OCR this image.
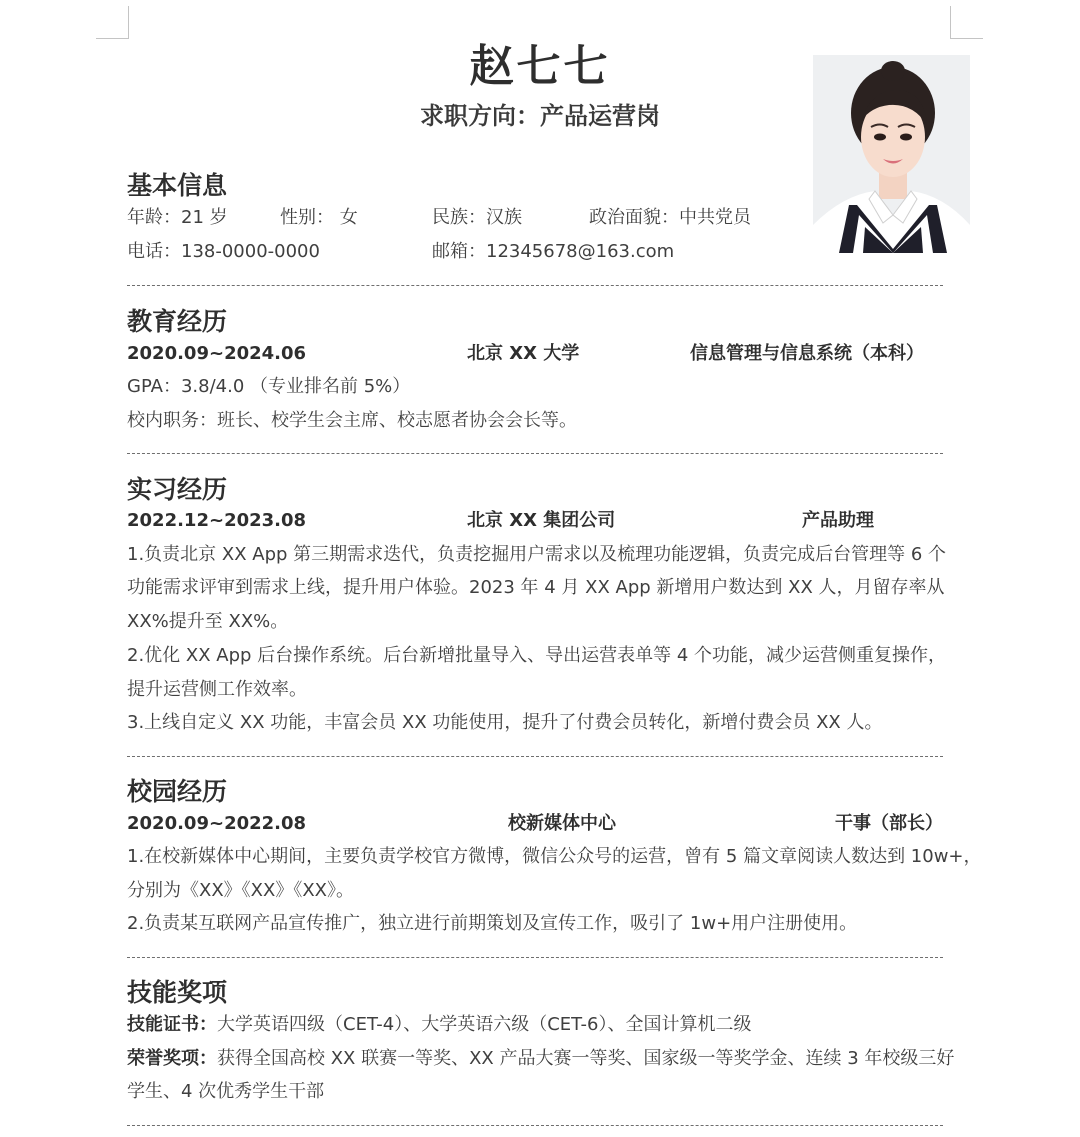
赵七七
求职方向：产品运营岗
基本信息
年龄：21 岁	性别： 女	民族：汉族	政治面貌：中共党员
电话：138-0000-0000	邮箱：12345678@163.com
教育经历
2020.09~2024.06	北京 XX 大学	信息管理与信息系统（本科）
GPA：3.8/4.0 （专业排名前 5%）
校内职务：班长、校学生会主席、校志愿者协会会长等。
实习经历
2022.12~2023.08	北京 XX 集团公司	产品助理
1.负责北京 XX App 第三期需求迭代，负责挖掘用户需求以及梳理功能逻辑，负责完成后台管理等 6 个
功能需求评审到需求上线，提升用户体验。2023 年 4 月 XX App 新增用户数达到 XX 人，月留存率从
XX%提升至 XX%。
2.优化 XX App 后台操作系统。后台新增批量导入、导出运营表单等 4 个功能，减少运营侧重复操作，
提升运营侧工作效率。
3.上线自定义 XX 功能，丰富会员 XX 功能使用，提升了付费会员转化，新增付费会员 XX 人。
校园经历
2020.09~2022.08	校新媒体中心	干事（部长）
1.在校新媒体中心期间，主要负责学校官方微博，微信公众号的运营，曾有 5 篇文章阅读人数达到 10w+，
分别为《XX》《XX》《XX》。
2.负责某互联网产品宣传推广，独立进行前期策划及宣传工作，吸引了 1w+用户注册使用。
技能奖项
技能证书：大学英语四级（CET-4）、大学英语六级（CET-6）、全国计算机二级
荣誉奖项：获得全国高校 XX 联赛一等奖、XX 产品大赛一等奖、国家级一等奖学金、连续 3 年校级三好
学生、4 次优秀学生干部
